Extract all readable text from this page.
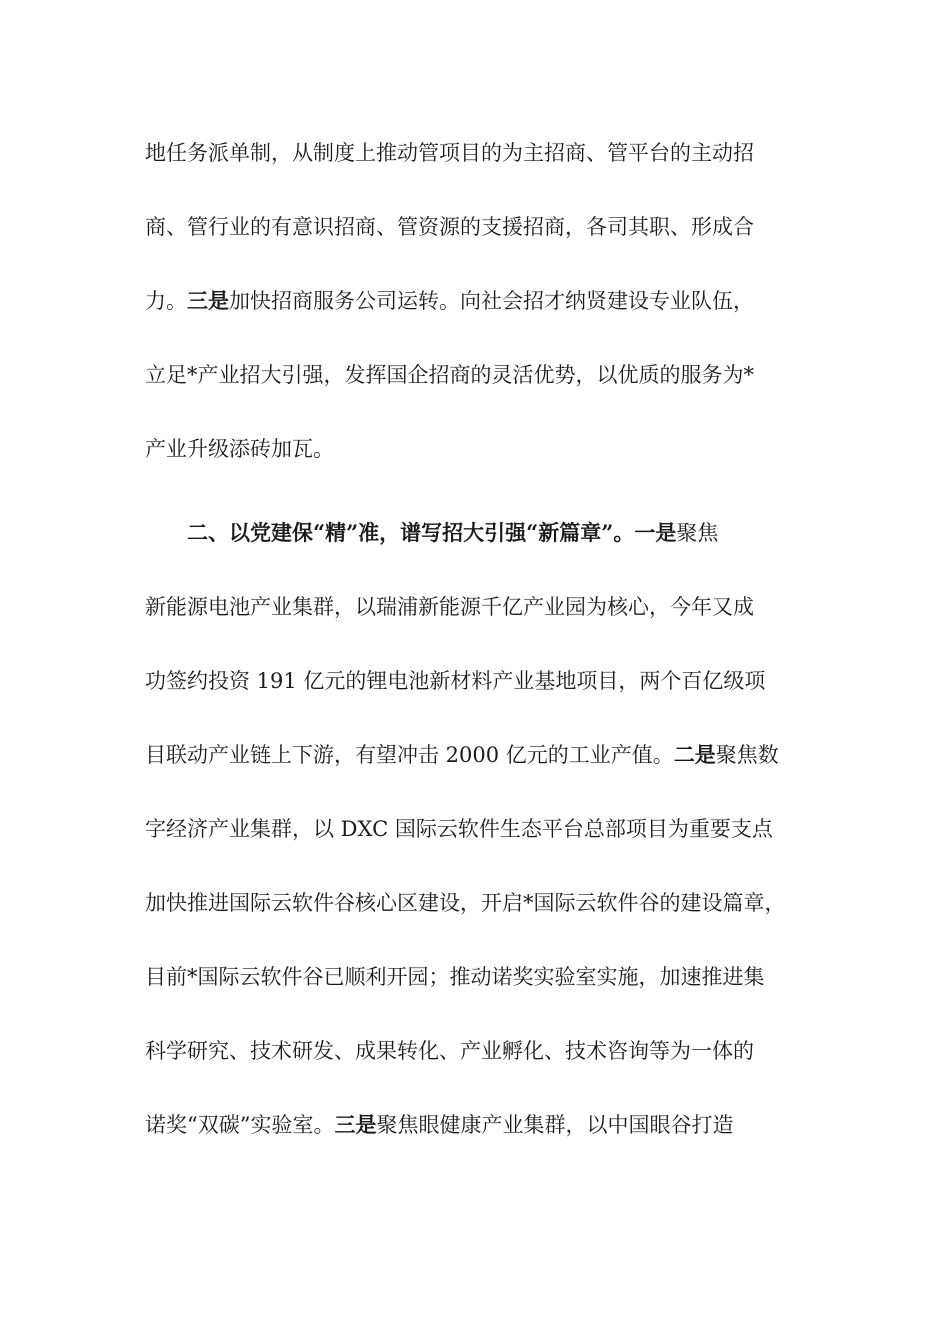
地任务派单制，从制度上推动管项目的为主招商、管平台的主动招
商、管行业的有意识招商、管资源的支援招商，各司其职、形成合
力。三是加快招商服务公司运转。向社会招才纳贤建设专业队伍，
立足*产业招大引强，发挥国企招商的灵活优势，以优质的服务为*
产业升级添砖加瓦。
　　二、以党建保“精”准，谱写招大引强“新篇章”。一是聚焦
新能源电池产业集群，以瑞浦新能源千亿产业园为核心，今年又成
功签约投资 191 亿元的锂电池新材料产业基地项目，两个百亿级项
目联动产业链上下游，有望冲击 2000 亿元的工业产值。二是聚焦数
字经济产业集群，以 DXC 国际云软件生态平台总部项目为重要支点
加快推进国际云软件谷核心区建设，开启*国际云软件谷的建设篇章，
目前*国际云软件谷已顺利开园；推动诺奖实验室实施，加速推进集
科学研究、技术研发、成果转化、产业孵化、技术咨询等为一体的
诺奖“双碳”实验室。三是聚焦眼健康产业集群，以中国眼谷打造
